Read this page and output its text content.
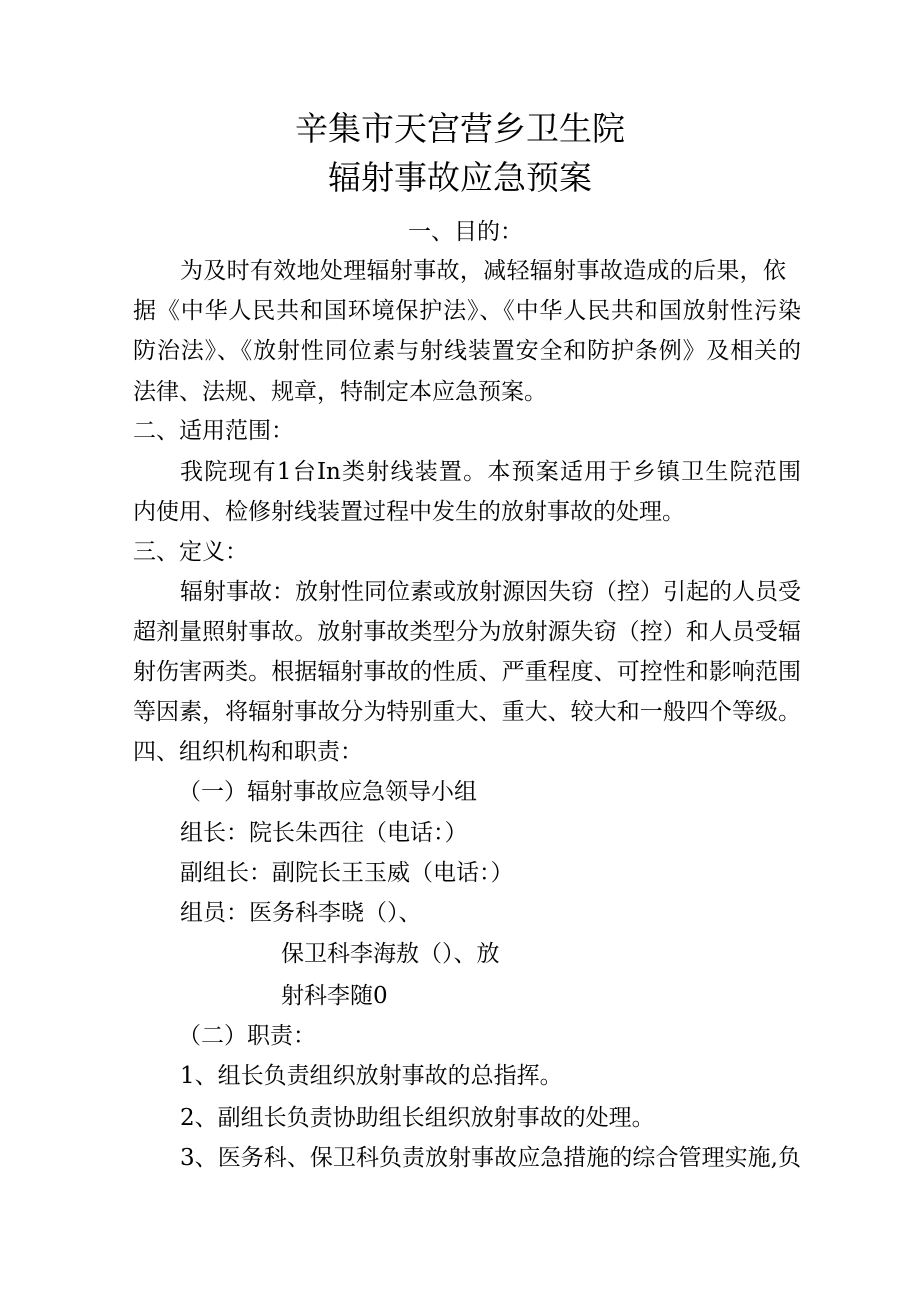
辛集市天宫营乡卫生院
辐射事故应急预案
一、目的：
为及时有效地处理辐射事故，减轻辐射事故造成的后果，依
据《中华人民共和国环境保护法》、《中华人民共和国放射性污染
防治法》、《放射性同位素与射线装置安全和防护条例》及相关的
法律、法规、规章，特制定本应急预案。
二、适用范围：
我院现有1台In类射线装置。本预案适用于乡镇卫生院范围
内使用、检修射线装置过程中发生的放射事故的处理。
三、定义：
辐射事故：放射性同位素或放射源因失窃（控）引起的人员受
超剂量照射事故。放射事故类型分为放射源失窃（控）和人员受辐
射伤害两类。根据辐射事故的性质、严重程度、可控性和影响范围
等因素，将辐射事故分为特别重大、重大、较大和一般四个等级。
四、组织机构和职责：
（一）辐射事故应急领导小组
组长：院长朱西往（电话：）
副组长：副院长王玉威（电话：）
组员：医务科李晓（）、
保卫科李海敖（）、放
射科李随0
（二）职责：
1、组长负责组织放射事故的总指挥。
2、副组长负责协助组长组织放射事故的处理。
3、医务科、保卫科负责放射事故应急措施的综合管理实施,负
